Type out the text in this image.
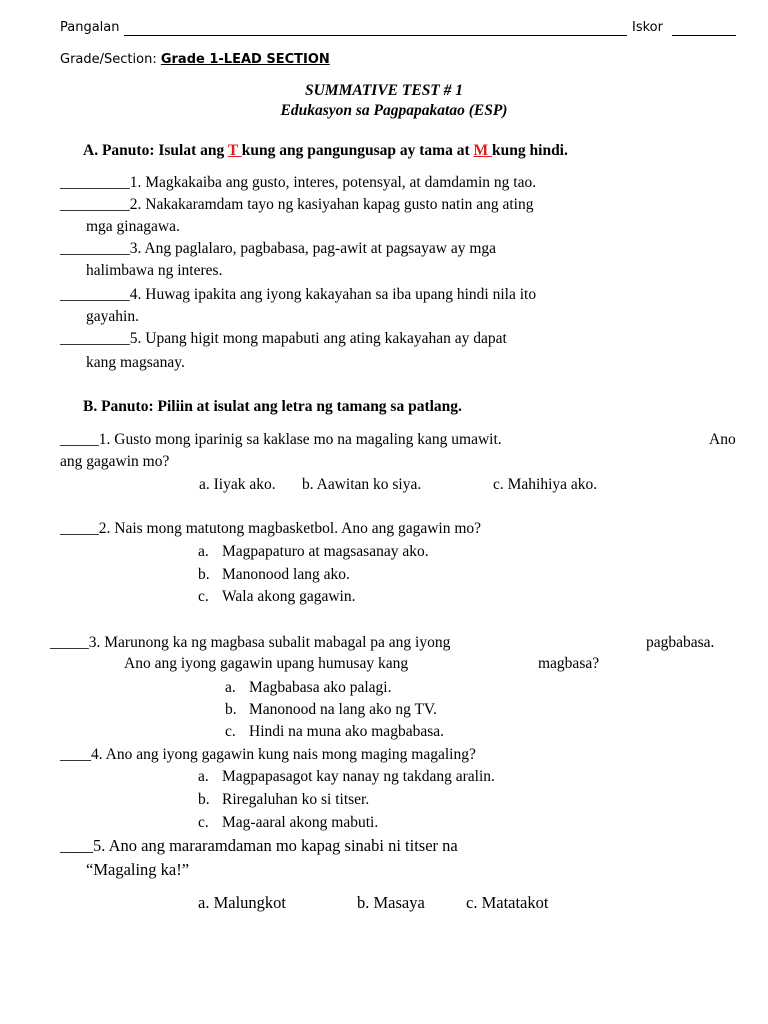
Pangalan	Iskor
Grade/Section: Grade 1-LEAD SECTION
SUMMATIVE TEST # 1
Edukasyon sa Pagpapakatao (ESP)
A. Panuto: Isulat ang T kung ang pangungusap ay tama at M kung hindi.
_________1. Magkakaiba ang gusto, interes, potensyal, at damdamin ng tao.
_________2. Nakakaramdam tayo ng kasiyahan kapag gusto natin ang ating
mga ginagawa.
_________3. Ang paglalaro, pagbabasa, pag-awit at pagsayaw ay mga
halimbawa ng interes.
_________4. Huwag ipakita ang iyong kakayahan sa iba upang hindi nila ito
gayahin.
_________5. Upang higit mong mapabuti ang ating kakayahan ay dapat
kang magsanay.
B. Panuto: Piliin at isulat ang letra ng tamang sa patlang.
_____1. Gusto mong iparinig sa kaklase mo na magaling kang umawit.	Ano
ang gagawin mo?
a. Iiyak ako. b. Aawitan ko siya.	c. Mahihiya ako.
_____2. Nais mong matutong magbasketbol. Ano ang gagawin mo?
a. Magpapaturo at magsasanay ako.
b. Manonood lang ako.
c. Wala akong gagawin.
_____3. Marunong ka ng magbasa subalit mabagal pa ang iyong	pagbabasa.
Ano ang iyong gagawin upang humusay kang	magbasa?
a. Magbabasa ako palagi.
b. Manonood na lang ako ng TV.
c. Hindi na muna ako magbabasa.
____4. Ano ang iyong gagawin kung nais mong maging magaling?
a. Magpapasagot kay nanay ng takdang aralin.
b. Riregaluhan ko si titser.
c. Mag-aaral akong mabuti.
____5. Ano ang mararamdaman mo kapag sinabi ni titser na
“Magaling ka!”
a. Malungkot	b. Masaya c. Matatakot
